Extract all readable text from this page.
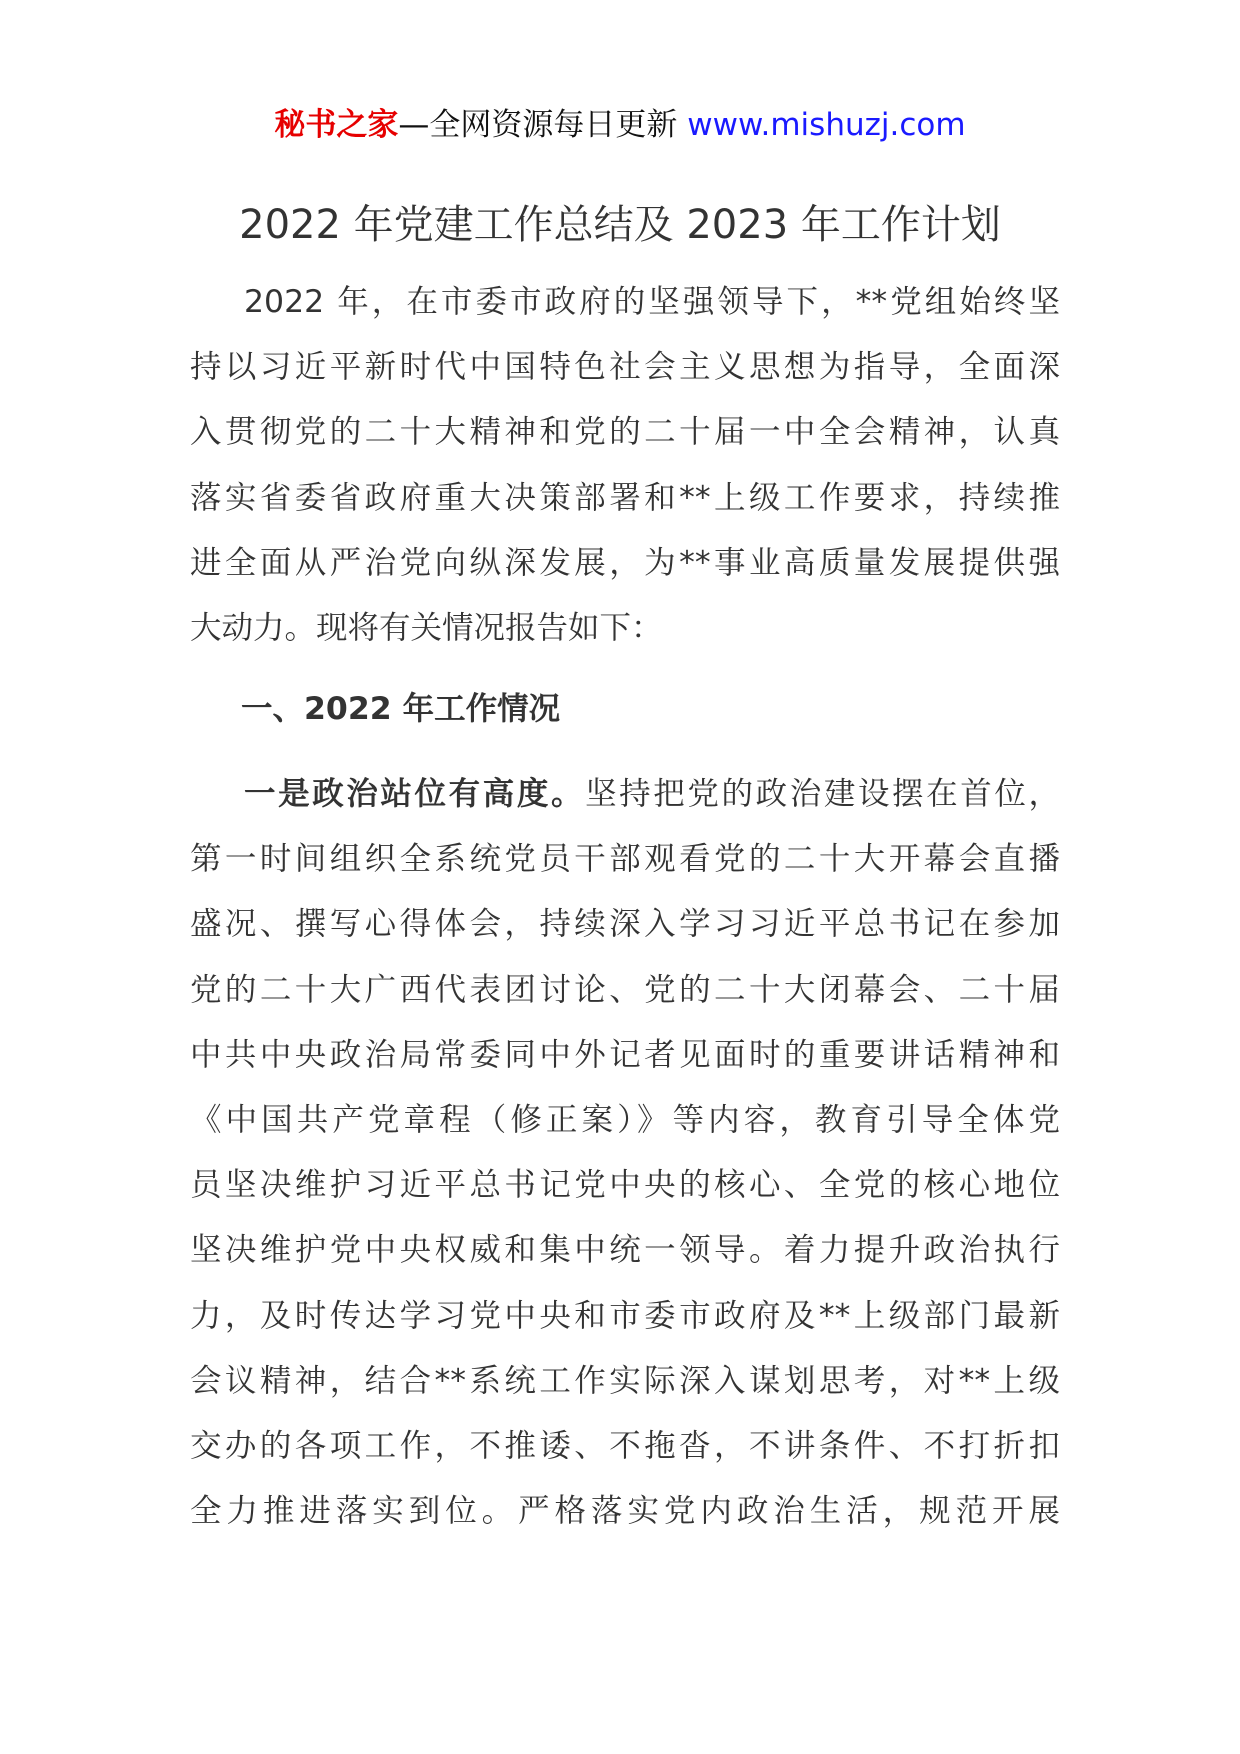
秘书之家—全网资源每日更新 www.mishuzj.com
2022 年党建工作总结及 2023 年工作计划
2022 年，在市委市政府的坚强领导下，**党组始终坚
持以习近平新时代中国特色社会主义思想为指导，全面深
入贯彻党的二十大精神和党的二十届一中全会精神，认真
落实省委省政府重大决策部署和**上级工作要求，持续推
进全面从严治党向纵深发展，为**事业高质量发展提供强
大动力。现将有关情况报告如下：
一、2022 年工作情况
一是政治站位有高度。坚持把党的政治建设摆在首位，
第一时间组织全系统党员干部观看党的二十大开幕会直播
盛况、撰写心得体会，持续深入学习习近平总书记在参加
党的二十大广西代表团讨论、党的二十大闭幕会、二十届
中共中央政治局常委同中外记者见面时的重要讲话精神和
《中国共产党章程（修正案）》等内容，教育引导全体党
员坚决维护习近平总书记党中央的核心、全党的核心地位
坚决维护党中央权威和集中统一领导。着力提升政治执行
力，及时传达学习党中央和市委市政府及**上级部门最新
会议精神，结合**系统工作实际深入谋划思考，对**上级
交办的各项工作，不推诿、不拖沓，不讲条件、不打折扣
全力推进落实到位。严格落实党内政治生活，规范开展
